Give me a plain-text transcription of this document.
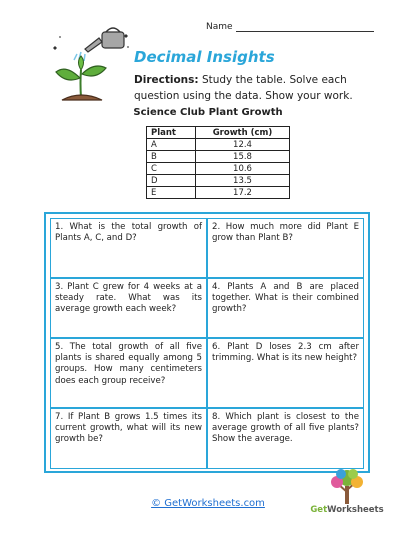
Name
Decimal Insights
Directions: Study the table. Solve each question using the data. Show your work.
Science Club Plant Growth
Plant	Growth (cm)
A	12.4
B	15.8
C	10.6
D	13.5
E	17.2
1. What is the total growth of Plants A, C, and D?
2. How much more did Plant E grow than Plant B?
3. Plant C grew for 4 weeks at a steady rate. What was its average growth each week?
4. Plants A and B are placed together. What is their combined growth?
5. The total growth of all five plants is shared equally among 5 groups. How many centimeters does each group receive?
6. Plant D loses 2.3 cm after trimming. What is its new height?
7. If Plant B grows 1.5 times its current growth, what will its new growth be?
8. Which plant is closest to the average growth of all five plants? Show the average.
© GetWorksheets.com
GetWorksheets
